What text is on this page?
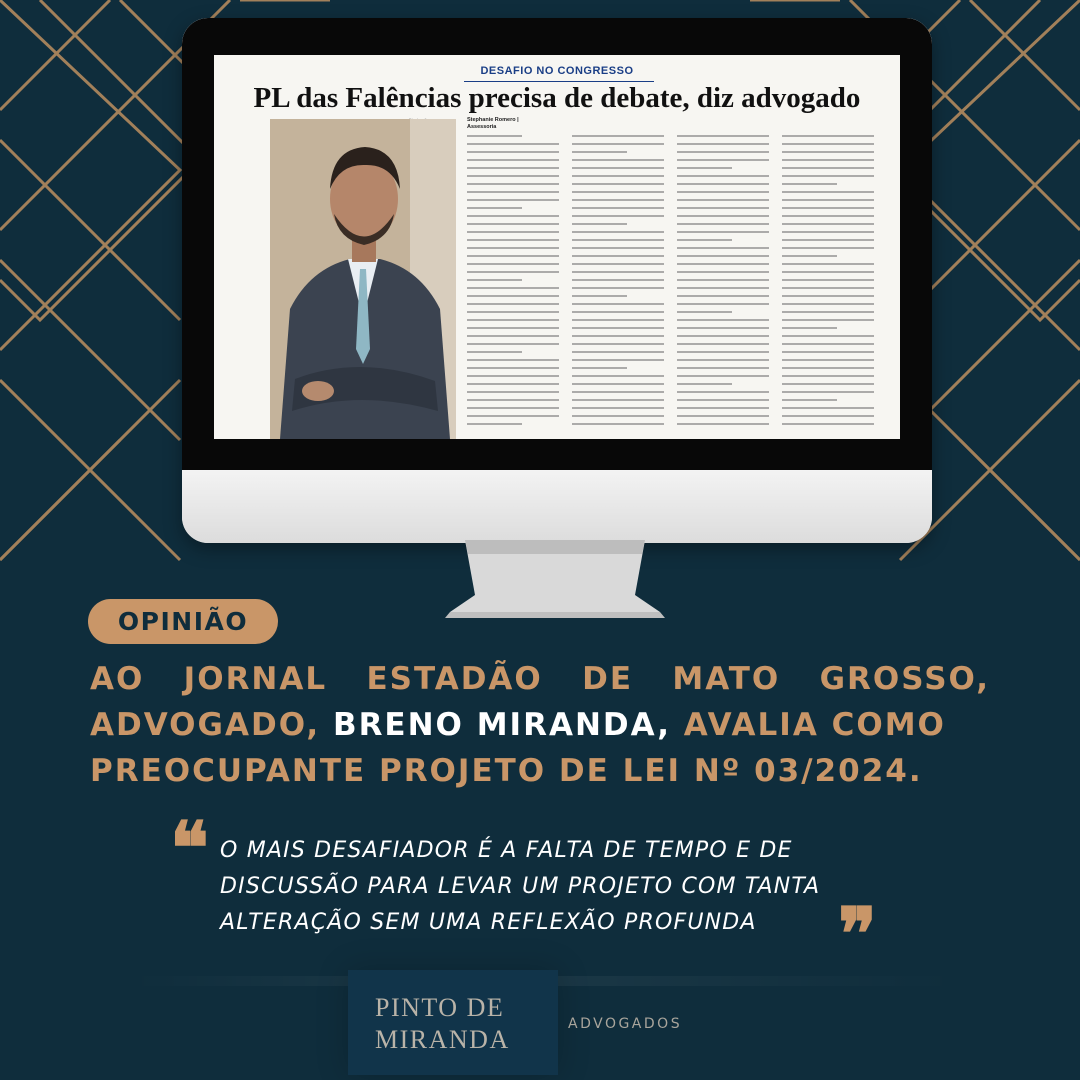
DESAFIO NO CONGRESSO
PL das Falências precisa de debate, diz advogado
Stephanie Romero | Assessoria
OPINIÃO
AO JORNAL ESTADÃO DE MATO GROSSO,
ADVOGADO, BRENO MIRANDA, AVALIA COMO
PREOCUPANTE PROJETO DE LEI Nº 03/2024.
❝ O MAIS DESAFIADOR É A FALTA DE TEMPO E DE
DISCUSSÃO PARA LEVAR UM PROJETO COM TANTA
ALTERAÇÃO SEM UMA REFLEXÃO PROFUNDA	❞
PINTO DE
MIRANDA
ADVOGADOS
